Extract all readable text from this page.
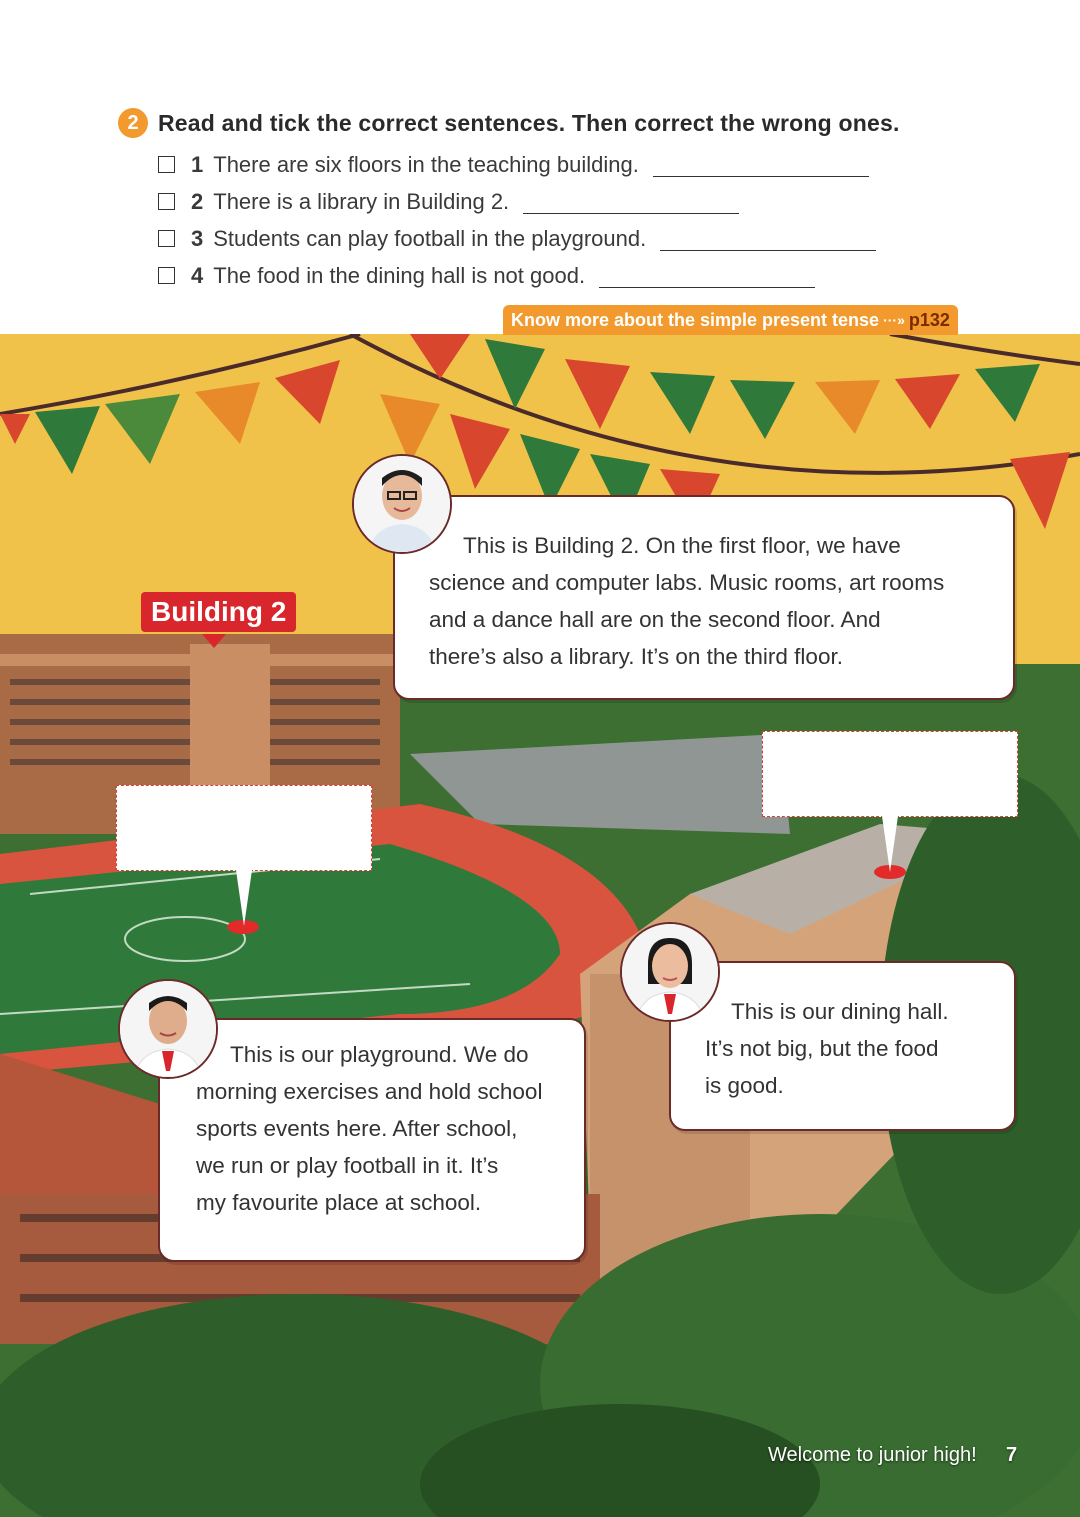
2 Read and tick the correct sentences. Then correct the wrong ones.
1 There are six floors in the teaching building.
2 There is a library in Building 2.
3 Students can play football in the playground.
4 The food in the dining hall is not good.
Building 2
This is Building 2. On the first floor, we have
science and computer labs. Music rooms, art rooms
and a dance hall are on the second floor. And
there’s also a library. It’s on the third floor.
This is our playground. We do
morning exercises and hold school
sports events here. After school,
we run or play football in it. It’s
my favourite place at school.
This is our dining hall.
It’s not big, but the food
is good.
Welcome to junior high! 7
Know more about the simple present tense ···» p132
